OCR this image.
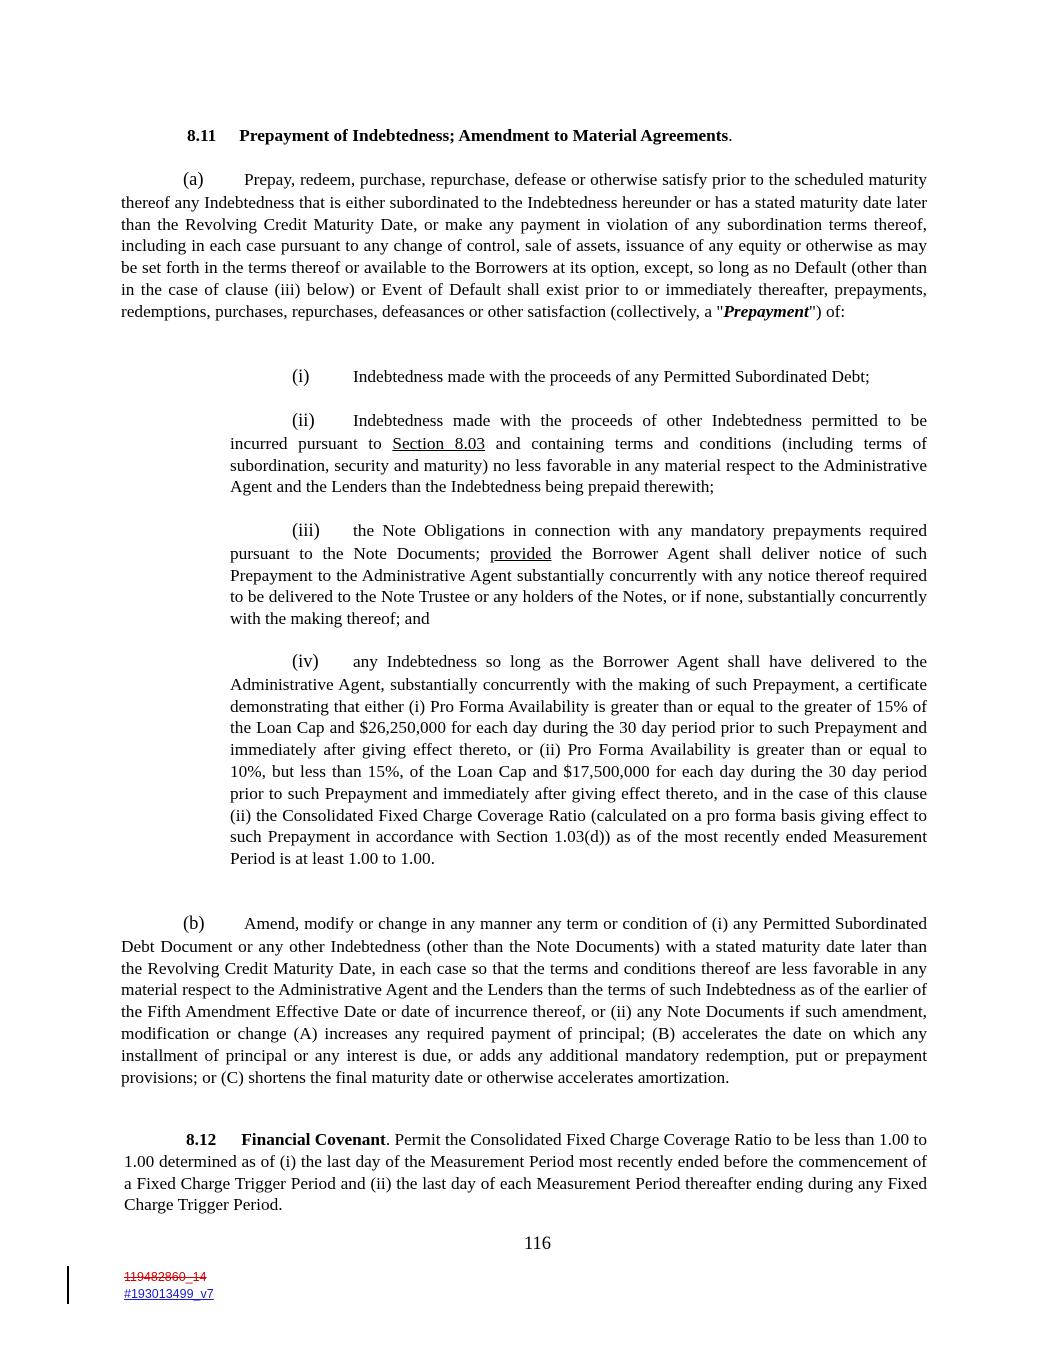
8.11 Prepayment of Indebtedness; Amendment to Material Agreements.
(a) Prepay, redeem, purchase, repurchase, defease or otherwise satisfy prior to the scheduled maturity thereof any Indebtedness that is either subordinated to the Indebtedness hereunder or has a stated maturity date later than the Revolving Credit Maturity Date, or make any payment in violation of any subordination terms thereof, including in each case pursuant to any change of control, sale of assets, issuance of any equity or otherwise as may be set forth in the terms thereof or available to the Borrowers at its option, except, so long as no Default (other than in the case of clause (iii) below) or Event of Default shall exist prior to or immediately thereafter, prepayments, redemptions, purchases, repurchases, defeasances or other satisfaction (collectively, a "Prepayment") of:
(i)	Indebtedness made with the proceeds of any Permitted Subordinated Debt;
(ii) Indebtedness made with the proceeds of other Indebtedness permitted to be incurred pursuant to Section 8.03 and containing terms and conditions (including terms of subordination, security and maturity) no less favorable in any material respect to the Administrative Agent and the Lenders than the Indebtedness being prepaid therewith;
(iii) the Note Obligations in connection with any mandatory prepayments required pursuant to the Note Documents; provided the Borrower Agent shall deliver notice of such Prepayment to the Administrative Agent substantially concurrently with any notice thereof required to be delivered to the Note Trustee or any holders of the Notes, or if none, substantially concurrently with the making thereof; and
(iv) any Indebtedness so long as the Borrower Agent shall have delivered to the Administrative Agent, substantially concurrently with the making of such Prepayment, a certificate demonstrating that either (i) Pro Forma Availability is greater than or equal to the greater of 15% of the Loan Cap and $26,250,000 for each day during the 30 day period prior to such Prepayment and immediately after giving effect thereto, or (ii) Pro Forma Availability is greater than or equal to 10%, but less than 15%, of the Loan Cap and $17,500,000 for each day during the 30 day period prior to such Prepayment and immediately after giving effect thereto, and in the case of this clause (ii) the Consolidated Fixed Charge Coverage Ratio (calculated on a pro forma basis giving effect to such Prepayment in accordance with Section 1.03(d)) as of the most recently ended Measurement Period is at least 1.00 to 1.00.
(b) Amend, modify or change in any manner any term or condition of (i) any Permitted Subordinated Debt Document or any other Indebtedness (other than the Note Documents) with a stated maturity date later than the Revolving Credit Maturity Date, in each case so that the terms and conditions thereof are less favorable in any material respect to the Administrative Agent and the Lenders than the terms of such Indebtedness as of the earlier of the Fifth Amendment Effective Date or date of incurrence thereof, or (ii) any Note Documents if such amendment, modification or change (A) increases any required payment of principal; (B) accelerates the date on which any installment of principal or any interest is due, or adds any additional mandatory redemption, put or prepayment provisions; or (C) shortens the final maturity date or otherwise accelerates amortization.
8.12 Financial Covenant. Permit the Consolidated Fixed Charge Coverage Ratio to be less than 1.00 to 1.00 determined as of (i) the last day of the Measurement Period most recently ended before the commencement of a Fixed Charge Trigger Period and (ii) the last day of each Measurement Period thereafter ending during any Fixed Charge Trigger Period.
116
119482860_14
#193013499_v7
